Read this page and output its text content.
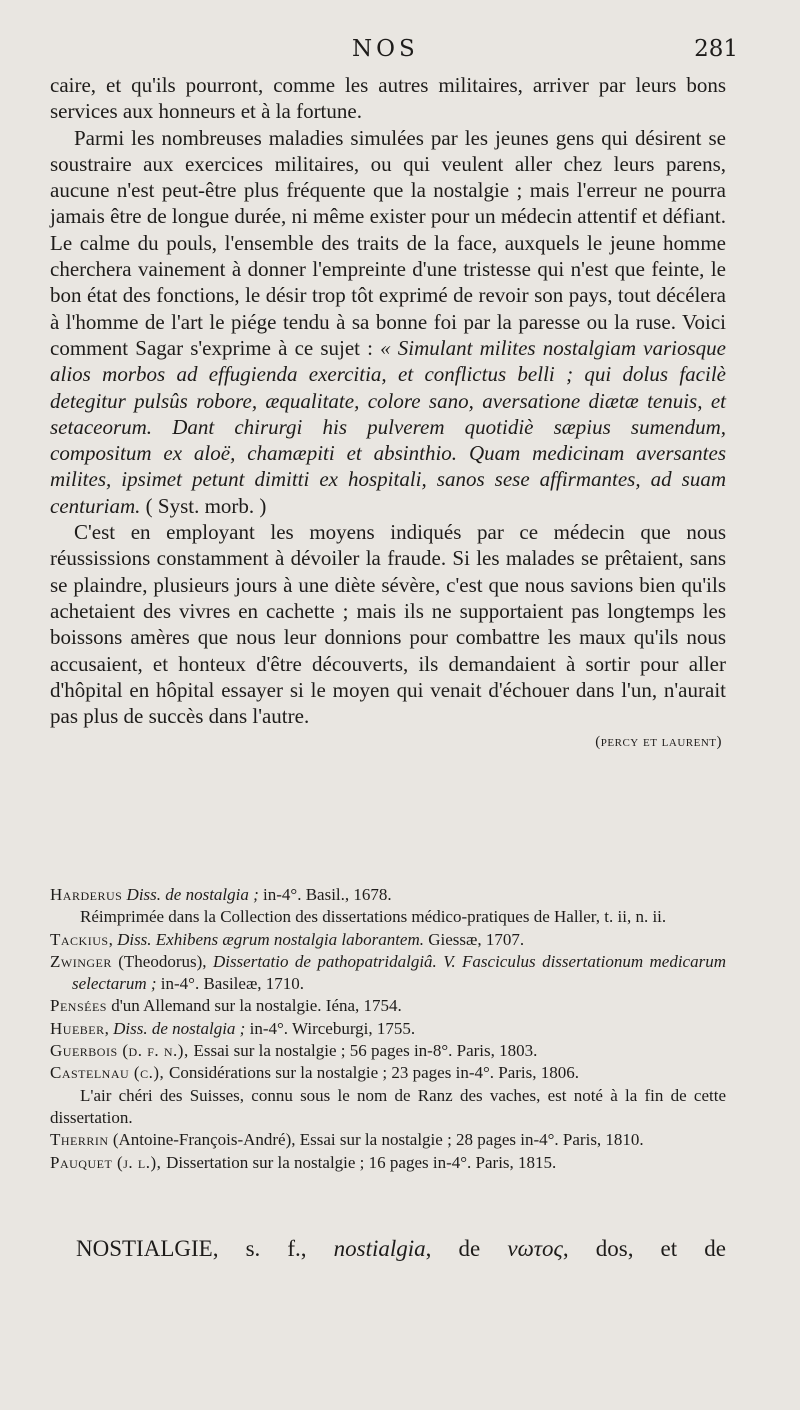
NOS	281

caire, et qu'ils pourront, comme les autres militaires, arriver par leurs bons services aux honneurs et à la fortune.

Parmi les nombreuses maladies simulées par les jeunes gens qui désirent se soustraire aux exercices militaires, ou qui veulent aller chez leurs parens, aucune n'est peut-être plus fréquente que la nostalgie ; mais l'erreur ne pourra jamais être de longue durée, ni même exister pour un médecin attentif et défiant. Le calme du pouls, l'ensemble des traits de la face, auxquels le jeune homme cherchera vainement à donner l'empreinte d'une tristesse qui n'est que feinte, le bon état des fonctions, le désir trop tôt exprimé de revoir son pays, tout décélera à l'homme de l'art le piége tendu à sa bonne foi par la paresse ou la ruse. Voici comment Sagar s'exprime à ce sujet : « Simulant milites nostalgiam variosque alios morbos ad effugienda exercitia, et conflictus belli ; qui dolus facilè detegitur pulsûs robore, æqualitate, colore sano, aversatione diætæ tenuis, et setaceorum. Dant chirurgi his pulverem quotidiè sæpius sumendum, compositum ex aloë, chamæpiti et absinthio. Quam medicinam aversantes milites, ipsimet petunt dimitti ex hospitali, sanos sese affirmantes, ad suam centuriam. ( Syst. morb. )

C'est en employant les moyens indiqués par ce médecin que nous réussissions constamment à dévoiler la fraude. Si les malades se prêtaient, sans se plaindre, plusieurs jours à une diète sévère, c'est que nous savions bien qu'ils achetaient des vivres en cachette ; mais ils ne supportaient pas longtemps les boissons amères que nous leur donnions pour combattre les maux qu'ils nous accusaient, et honteux d'être découverts, ils demandaient à sortir pour aller d'hôpital en hôpital essayer si le moyen qui venait d'échouer dans l'un, n'aurait pas plus de succès dans l'autre.

(percy et laurent)

Harderus Diss. de nostalgia ; in-4°. Basil., 1678.

Réimprimée dans la Collection des dissertations médico-pratiques de Haller, t. ii, n. ii.

Tackius, Diss. Exhibens ægrum nostalgia laborantem. Giessæ, 1707.

Zwinger (Theodorus), Dissertatio de pathopatridalgiâ. V. Fasciculus dissertationum medicarum selectarum ; in-4°. Basileæ, 1710.

Pensées d'un Allemand sur la nostalgie. Iéna, 1754.

Hueber, Diss. de nostalgia ; in-4°. Wirceburgi, 1755.

Guerbois (d. f. n.), Essai sur la nostalgie ; 56 pages in-8°. Paris, 1803.

Castelnau (c.), Considérations sur la nostalgie ; 23 pages in-4°. Paris, 1806.

L'air chéri des Suisses, connu sous le nom de Ranz des vaches, est noté à la fin de cette dissertation.

Therrin (Antoine-François-André), Essai sur la nostalgie ; 28 pages in-4°. Paris, 1810.

Pauquet (j. l.), Dissertation sur la nostalgie ; 16 pages in-4°. Paris, 1815.

NOSTIALGIE, s. f., nostialgia, de νωτος, dos, et de
